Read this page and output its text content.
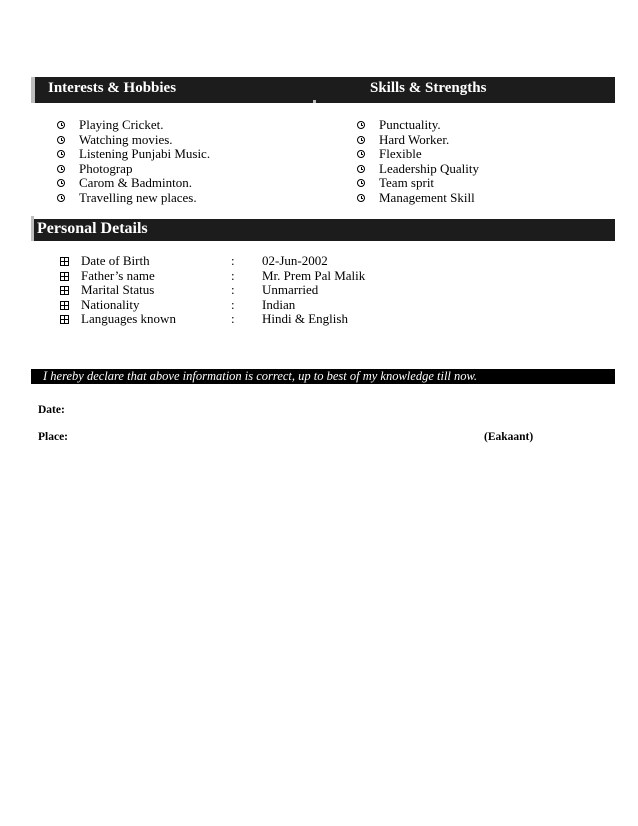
Interests & Hobbies	Skills & Strengths
Playing Cricket.
Watching movies.
Listening Punjabi Music.
Photograp
Carom & Badminton.
Travelling new places.
Punctuality.
Hard Worker.
Flexible
Leadership Quality
Team sprit
Management Skill
Personal Details
Date of Birth	: 02-Jun-2002
Father’s name	: Mr. Prem Pal Malik
Marital Status	: Unmarried
Nationality	: Indian
Languages known	: Hindi & English
I hereby declare that above information is correct, up to best of my knowledge till now.
Date:
Place:	(Eakaant)
